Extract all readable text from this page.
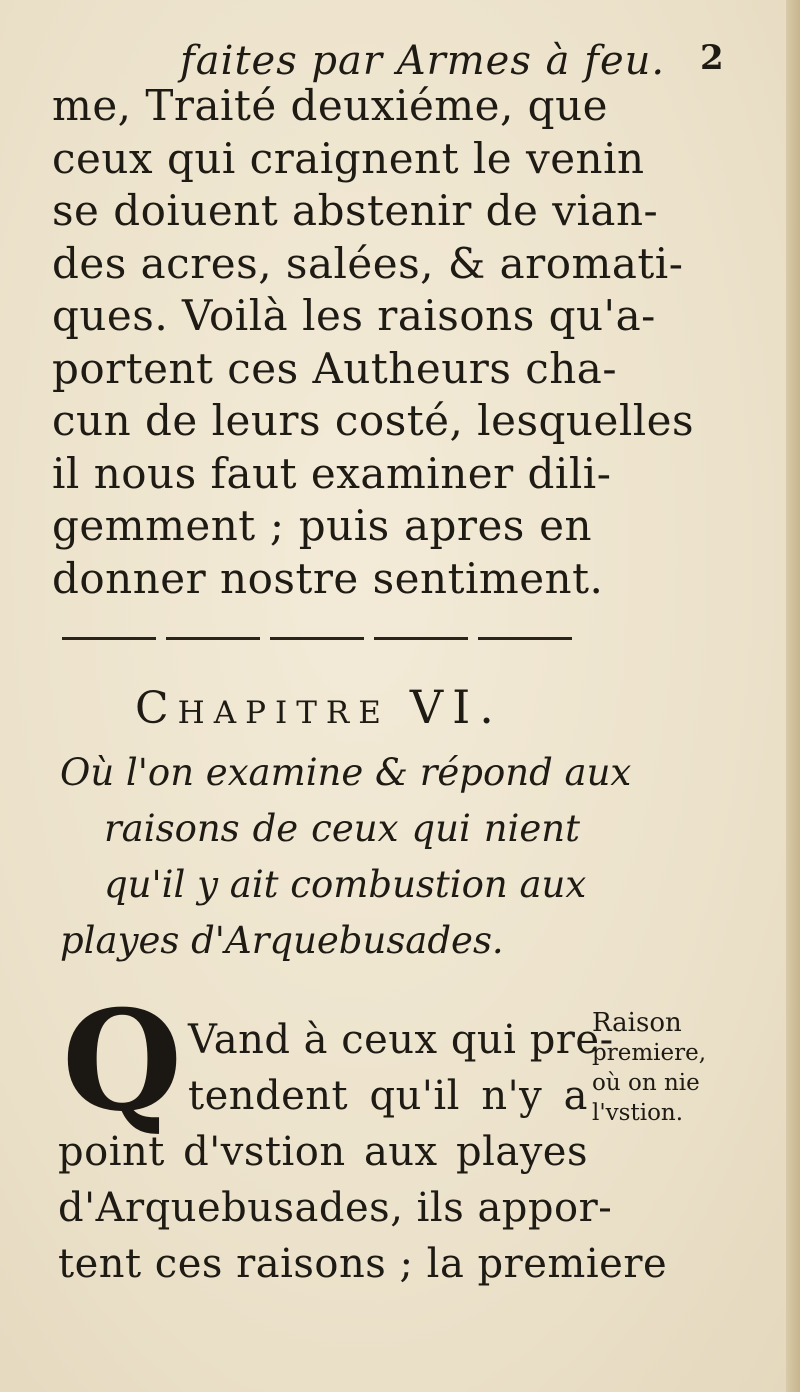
faites par Armes à feu. 2
me, Traité deuxiéme, que
ceux qui craignent le venin
se doiuent abstenir de vian-
des acres, salées, & aromati-
ques. Voilà les raisons qu'a-
portent ces Autheurs cha-
cun de leurs costé, lesquelles
il nous faut examiner dili-
gemment ; puis apres en
donner nostre sentiment.
CHAPITRE VI.
Où l'on examine & répond aux
raisons de ceux qui nient
qu'il y ait combustion aux
playes d'Arquebusades.
Q Vand à ceux qui pre-
tendent qu'il n'y a
point d'vstion aux playes
d'Arquebusades, ils appor-
tent ces raisons ; la premiere
Raison
premiere,
où on nie
l'vstion.
